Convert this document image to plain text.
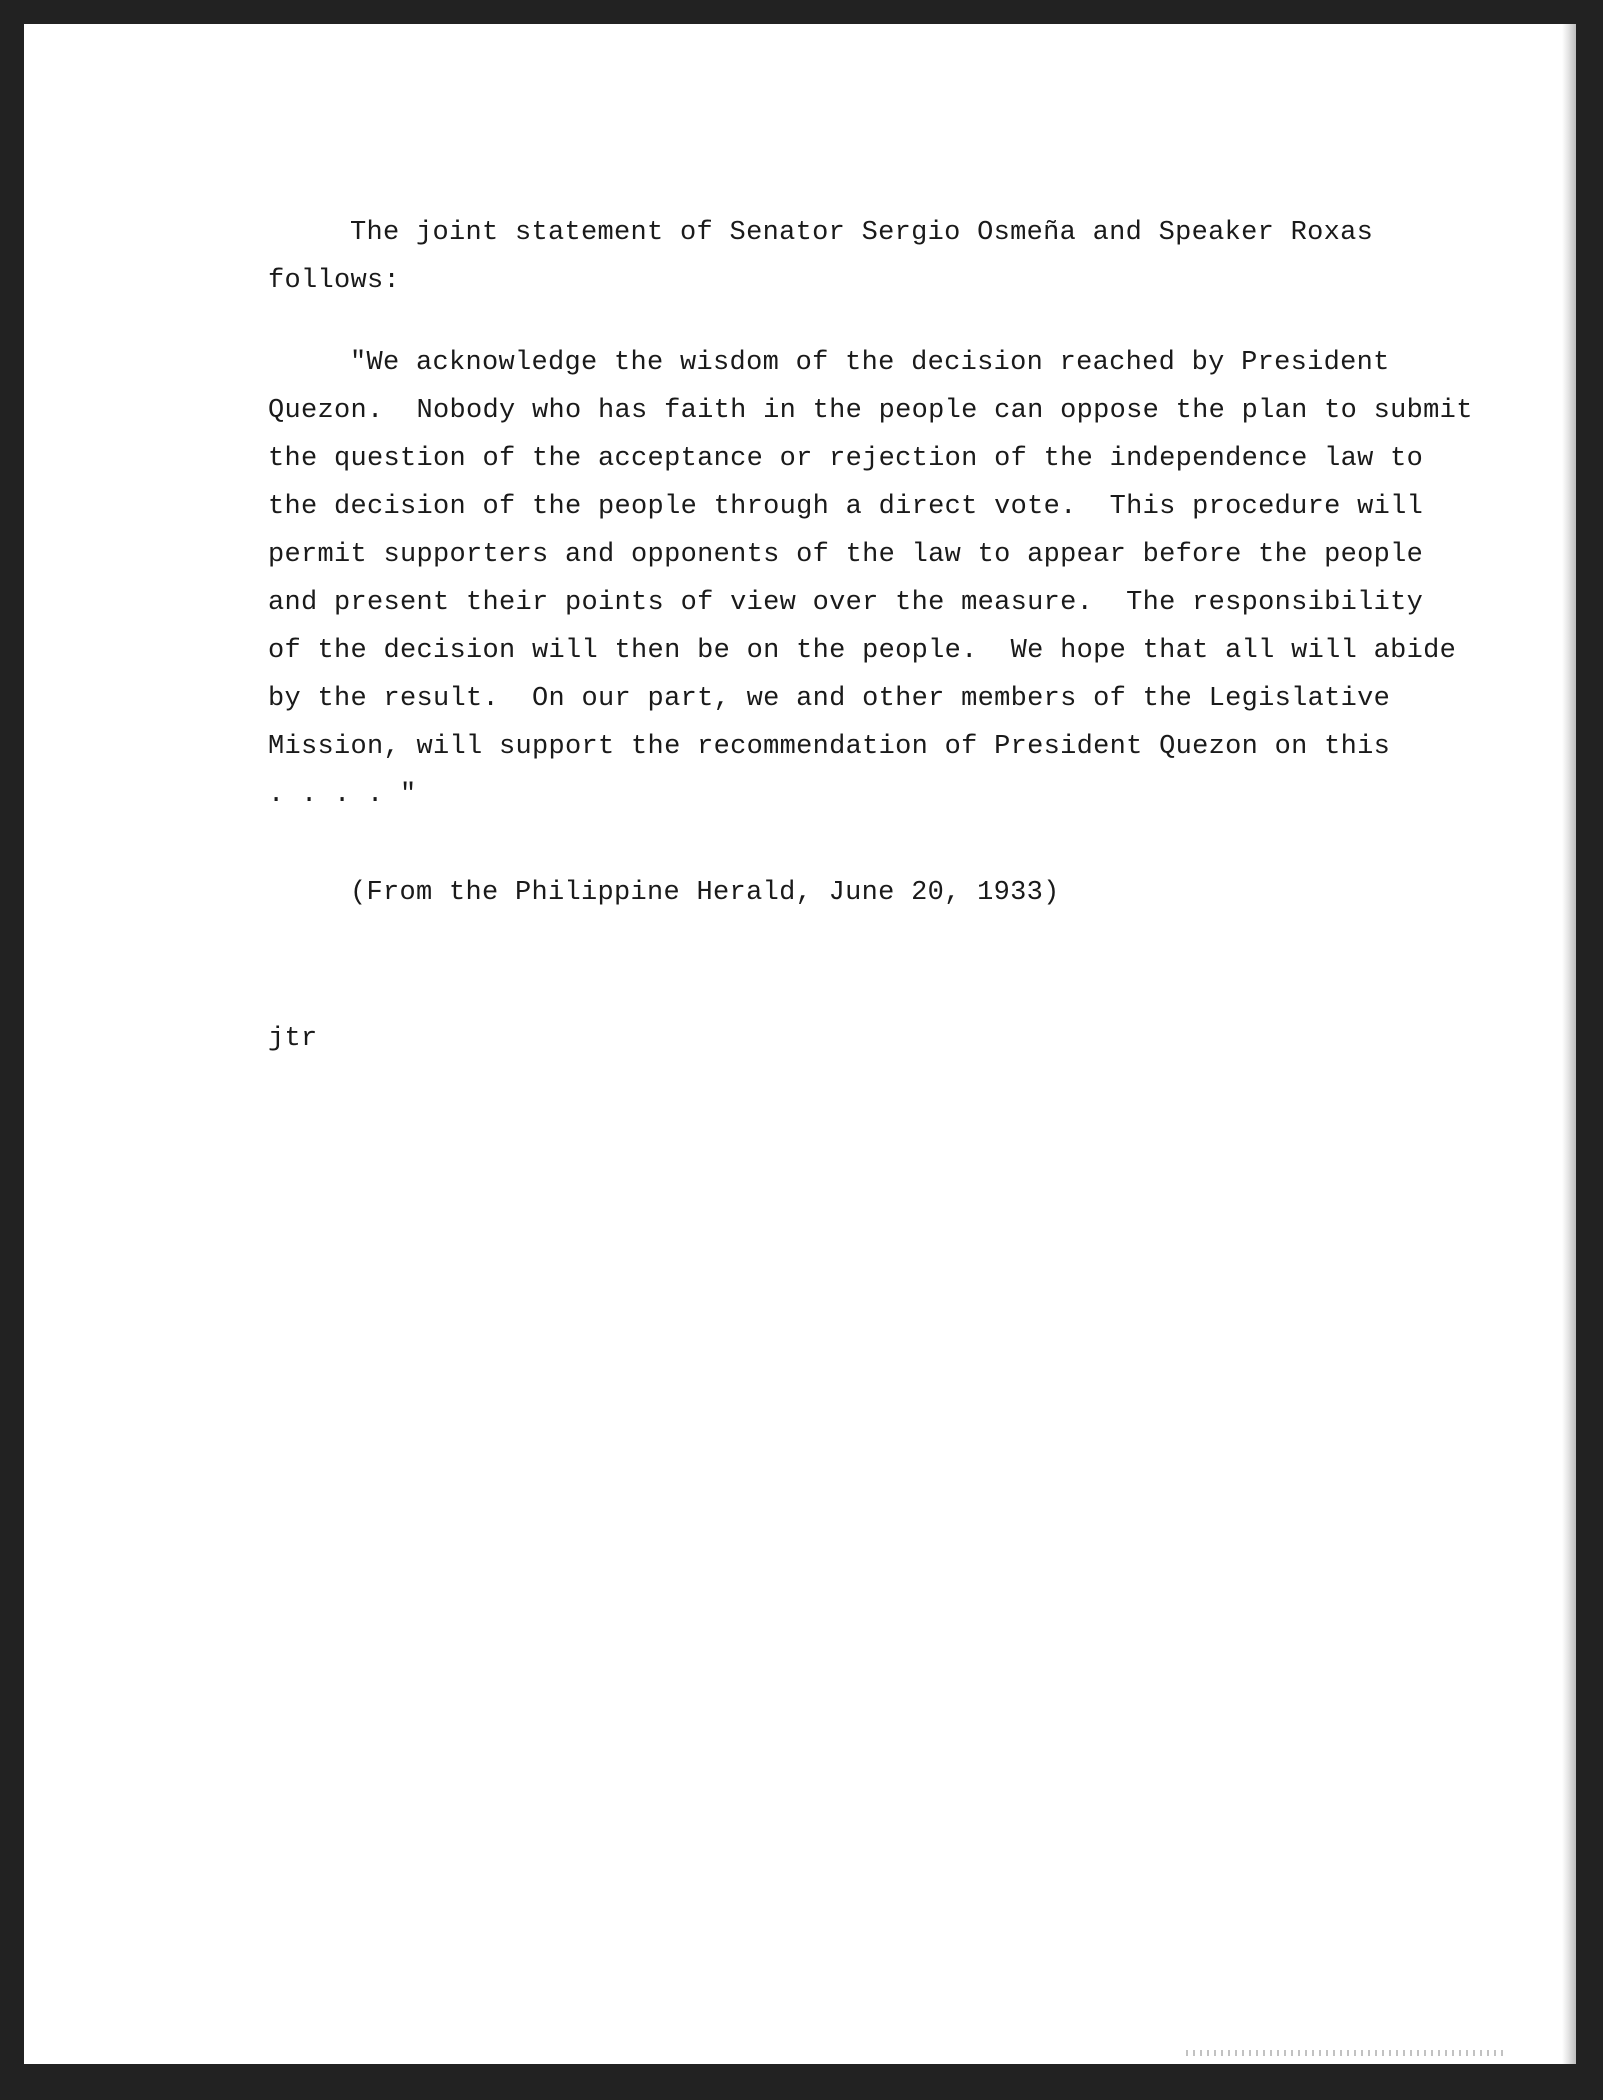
The joint statement of Senator Sergio Osmeña and Speaker Roxas
follows:
"We acknowledge the wisdom of the decision reached by President
Quezon.  Nobody who has faith in the people can oppose the plan to submit
the question of the acceptance or rejection of the independence law to
the decision of the people through a direct vote.  This procedure will
permit supporters and opponents of the law to appear before the people
and present their points of view over the measure.  The responsibility
of the decision will then be on the people.  We hope that all will abide
by the result.  On our part, we and other members of the Legislative
Mission, will support the recommendation of President Quezon on this
. . . . "
(From the Philippine Herald, June 20, 1933)
jtr
